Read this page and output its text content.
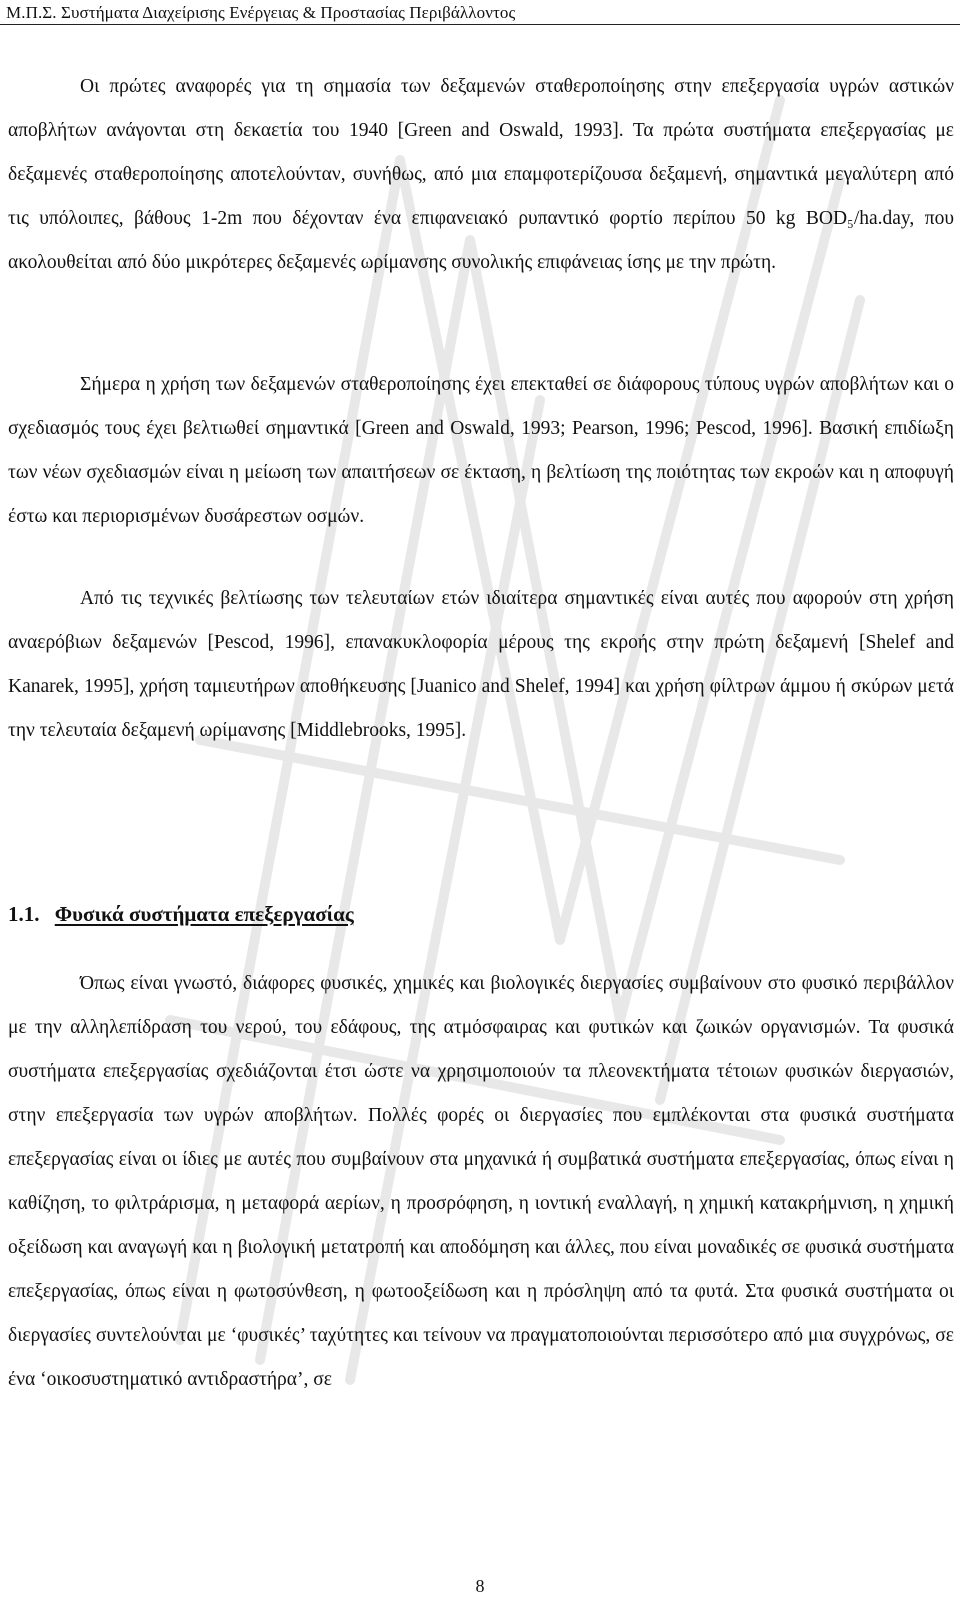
Μ.Π.Σ. Συστήματα Διαχείρισης Ενέργειας & Προστασίας Περιβάλλοντος

Οι πρώτες αναφορές για τη σημασία των δεξαμενών σταθεροποίησης στην επεξεργασία υγρών αστικών αποβλήτων ανάγονται στη δεκαετία του 1940 [Green and Oswald, 1993]. Τα πρώτα συστήματα επεξεργασίας με δεξαμενές σταθεροποίησης αποτελούνταν, συνήθως, από μια επαμφοτερίζουσα δεξαμενή, σημαντικά μεγαλύτερη από τις υπόλοιπες, βάθους 1-2m που δέχονταν ένα επιφανειακό ρυπαντικό φορτίο περίπου 50 kg BOD₅/ha.day, που ακολουθείται από δύο μικρότερες δεξαμενές ωρίμανσης συνολικής επιφάνειας ίσης με την πρώτη.

Σήμερα η χρήση των δεξαμενών σταθεροποίησης έχει επεκταθεί σε διάφορους τύπους υγρών αποβλήτων και ο σχεδιασμός τους έχει βελτιωθεί σημαντικά [Green and Oswald, 1993; Pearson, 1996; Pescod, 1996]. Βασική επιδίωξη των νέων σχεδιασμών είναι η μείωση των απαιτήσεων σε έκταση, η βελτίωση της ποιότητας των εκροών και η αποφυγή έστω και περιορισμένων δυσάρεστων οσμών.

Από τις τεχνικές βελτίωσης των τελευταίων ετών ιδιαίτερα σημαντικές είναι αυτές που αφορούν στη χρήση αναερόβιων δεξαμενών [Pescod, 1996], επανακυκλοφορία μέρους της εκροής στην πρώτη δεξαμενή [Shelef and Kanarek, 1995], χρήση ταμιευτήρων αποθήκευσης [Juanico and Shelef, 1994] και χρήση φίλτρων άμμου ή σκύρων μετά την τελευταία δεξαμενή ωρίμανσης [Middlebrooks, 1995].

1.1. Φυσικά συστήματα επεξεργασίας

Όπως είναι γνωστό, διάφορες φυσικές, χημικές και βιολογικές διεργασίες συμβαίνουν στο φυσικό περιβάλλον με την αλληλεπίδραση του νερού, του εδάφους, της ατμόσφαιρας και φυτικών και ζωικών οργανισμών. Τα φυσικά συστήματα επεξεργασίας σχεδιάζονται έτσι ώστε να χρησιμοποιούν τα πλεονεκτήματα τέτοιων φυσικών διεργασιών, στην επεξεργασία των υγρών αποβλήτων. Πολλές φορές οι διεργασίες που εμπλέκονται στα φυσικά συστήματα επεξεργασίας είναι οι ίδιες με αυτές που συμβαίνουν στα μηχανικά ή συμβατικά συστήματα επεξεργασίας, όπως είναι η καθίζηση, το φιλτράρισμα, η μεταφορά αερίων, η προσρόφηση, η ιοντική εναλλαγή, η χημική κατακρήμνιση, η χημική οξείδωση και αναγωγή και η βιολογική μετατροπή και αποδόμηση και άλλες, που είναι μοναδικές σε φυσικά συστήματα επεξεργασίας, όπως είναι η φωτοσύνθεση, η φωτοοξείδωση και η πρόσληψη από τα φυτά. Στα φυσικά συστήματα οι διεργασίες συντελούνται με ‘φυσικές’ ταχύτητες και τείνουν να πραγματοποιούνται περισσότερο από μια συγχρόνως, σε ένα ‘οικοσυστηματικό αντιδραστήρα’, σε

8
